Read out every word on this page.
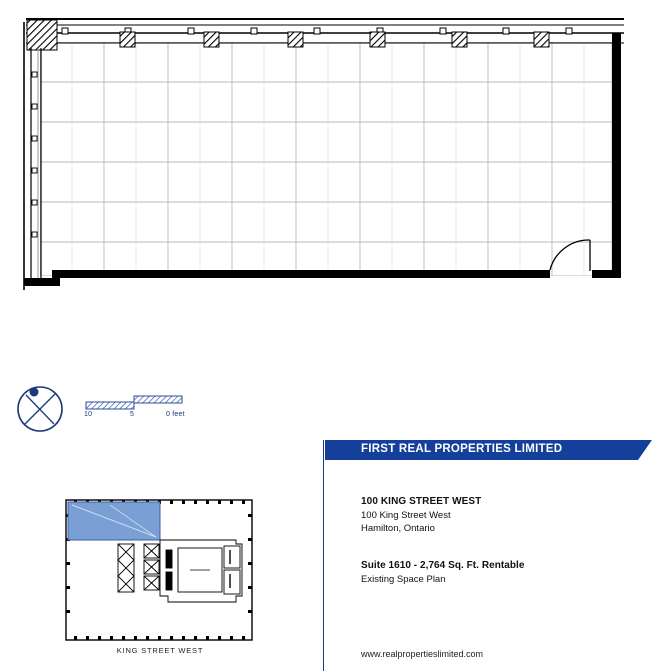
10	5	0 feet
KING STREET WEST
FIRST REAL PROPERTIES LIMITED
100 KING STREET WEST
100 King Street West
Hamilton, Ontario
Suite 1610 - 2,764 Sq. Ft. Rentable
Existing Space Plan
www.realpropertieslimited.com
